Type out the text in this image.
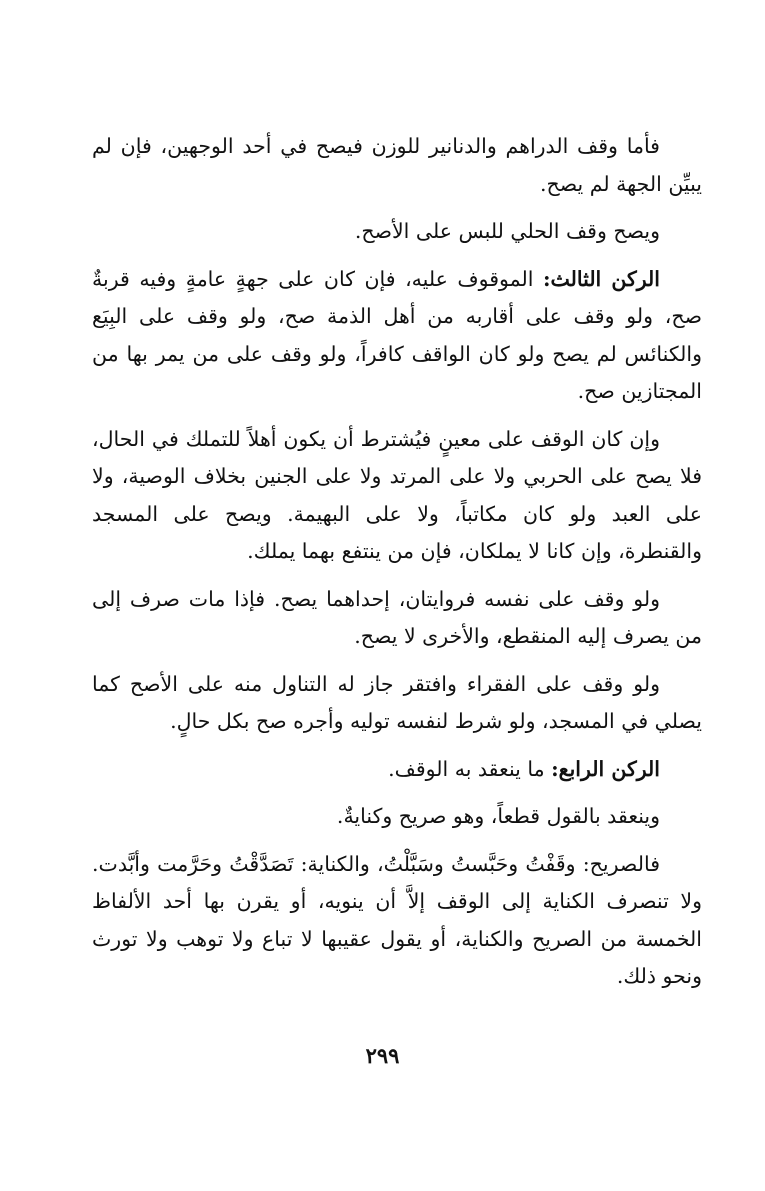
فأما وقف الدراهم والدنانير للوزن فيصح في أحد الوجهين، فإن لم يبيِّن الجهة لم يصح.

ويصح وقف الحلي للبس على الأصح.

الركن الثالث: الموقوف عليه، فإن كان على جهةٍ عامةٍ وفيه قربةٌ صح، ولو وقف على أقاربه من أهل الذمة صح، ولو وقف على البِيَع والكنائس لم يصح ولو كان الواقف كافراً، ولو وقف على من يمر بها من المجتازين صح.

وإن كان الوقف على معينٍ فيُشترط أن يكون أهلاً للتملك في الحال، فلا يصح على الحربي ولا على المرتد ولا على الجنين بخلاف الوصية، ولا على العبد ولو كان مكاتباً، ولا على البهيمة. ويصح على المسجد والقنطرة، وإن كانا لا يملكان، فإن من ينتفع بهما يملك.

ولو وقف على نفسه فروايتان، إحداهما يصح. فإذا مات صرف إلى من يصرف إليه المنقطع، والأخرى لا يصح.

ولو وقف على الفقراء وافتقر جاز له التناول منه على الأصح كما يصلي في المسجد، ولو شرط لنفسه توليه وأجره صح بكل حالٍ.

الركن الرابع: ما ينعقد به الوقف.

وينعقد بالقول قطعاً، وهو صريح وكنايةٌ.

فالصريح: وقَفْتُ وحَبَّستُ وسَبَّلْتُ، والكناية: تَصَدَّقْتُ وحَرَّمت وأبَّدت. ولا تنصرف الكناية إلى الوقف إلاَّ أن ينويه، أو يقرن بها أحد الألفاظ الخمسة من الصريح والكناية، أو يقول عقيبها لا تباع ولا توهب ولا تورث ونحو ذلك.

٢٩٩
